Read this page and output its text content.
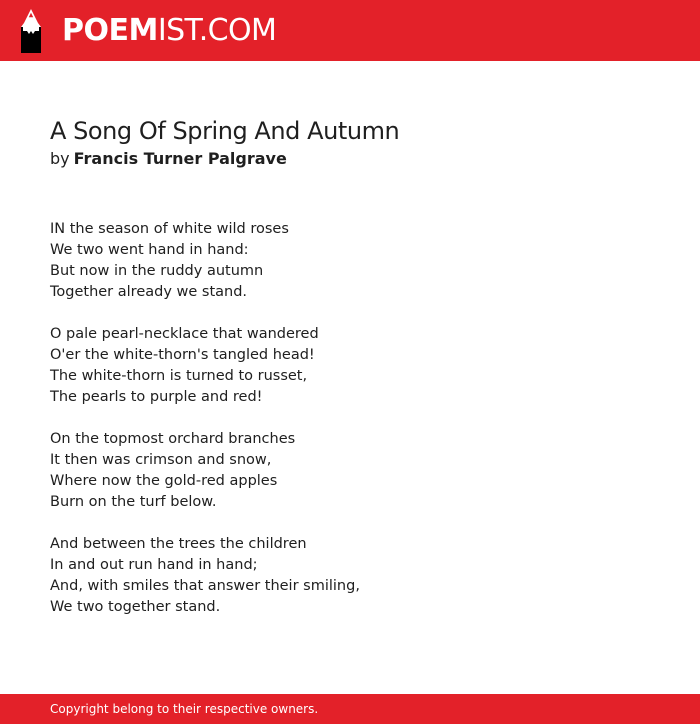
POEM IST.COM
A Song Of Spring And Autumn
by Francis Turner Palgrave
IN the season of white wild roses
We two went hand in hand:
But now in the ruddy autumn
Together already we stand.
O pale pearl-necklace that wandered
O'er the white-thorn's tangled head!
The white-thorn is turned to russet,
The pearls to purple and red!
On the topmost orchard branches
It then was crimson and snow,
Where now the gold-red apples
Burn on the turf below.
And between the trees the children
In and out run hand in hand;
And, with smiles that answer their smiling,
We two together stand.
Copyright belong to their respective owners.
